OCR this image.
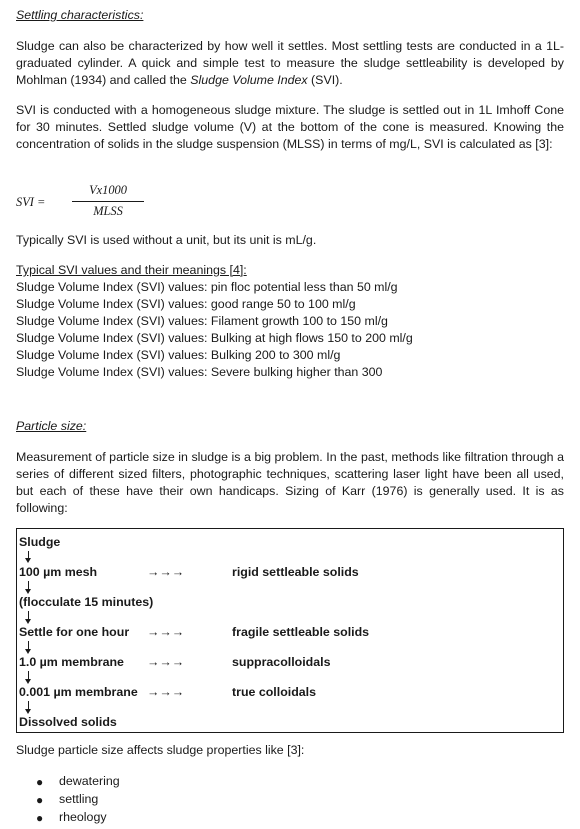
Settling characteristics:

Sludge can also be characterized by how well it settles. Most settling tests are conducted in a 1L-graduated cylinder. A quick and simple test to measure the sludge settleability is developed by Mohlman (1934) and called the Sludge Volume Index (SVI).

SVI is conducted with a homogeneous sludge mixture. The sludge is settled out in 1L Imhoff Cone for 30 minutes. Settled sludge volume (V) at the bottom of the cone is measured. Knowing the concentration of solids in the sludge suspension (MLSS) in terms of mg/L, SVI is calculated as [3]:

SVI =
Vx1000
MLSS
Typically SVI is used without a unit, but its unit is mL/g.
Typical SVI values and their meanings [4]:
Sludge Volume Index (SVI) values: pin floc potential less than 50 ml/g
Sludge Volume Index (SVI) values: good range 50 to 100 ml/g
Sludge Volume Index (SVI) values: Filament growth 100 to 150 ml/g
Sludge Volume Index (SVI) values: Bulking at high flows 150 to 200 ml/g
Sludge Volume Index (SVI) values: Bulking 200 to 300 ml/g
Sludge Volume Index (SVI) values: Severe bulking higher than 300
Particle size:

Measurement of particle size in sludge is a big problem. In the past, methods like filtration through a series of different sized filters, photographic techniques, scattering laser light have been all used, but each of these have their own handicaps. Sizing of Karr (1976) is generally used. It is as following:

Sludge
100 µm mesh	→→→	rigid settleable solids
(flocculate 15 minutes)
Settle for one hour →→→	fragile settleable solids
1.0 µm membrane →→→	suppracolloidals
0.001 µm membrane →→→	true colloidals
Dissolved solids
Sludge particle size affects sludge properties like [3]:
● dewatering
● settling
● rheology
